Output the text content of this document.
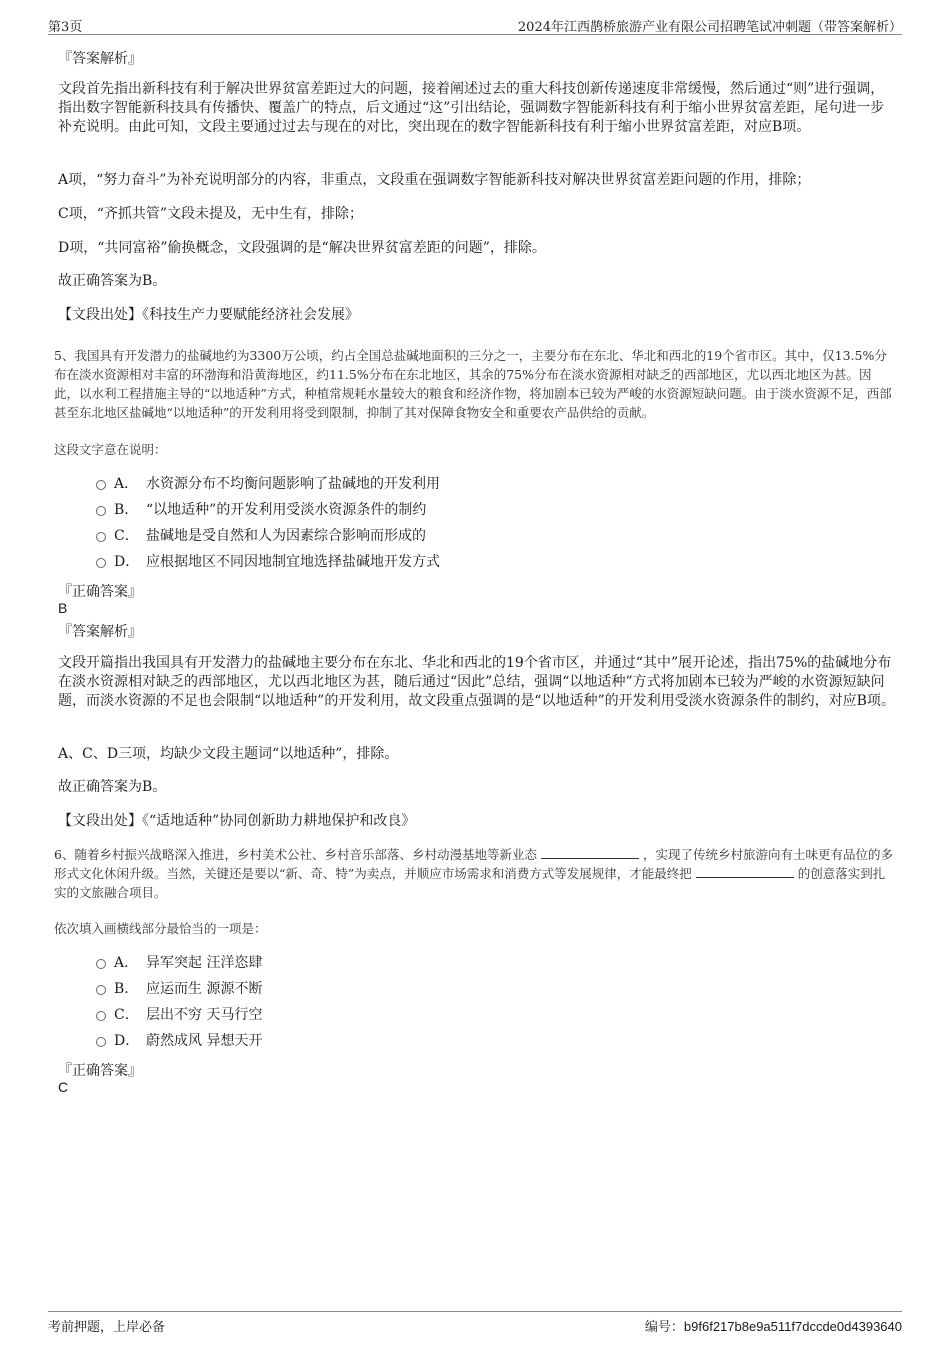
第3页	2024年江西鹊桥旅游产业有限公司招聘笔试冲刺题（带答案解析）
『答案解析』
文段首先指出新科技有利于解决世界贫富差距过大的问题，接着阐述过去的重大科技创新传递速度非常缓慢，然后通过“则”进行强调，指出数字智能新科技具有传播快、覆盖广的特点，后文通过“这”引出结论，强调数字智能新科技有利于缩小世界贫富差距，尾句进一步补充说明。由此可知，文段主要通过过去与现在的对比，突出现在的数字智能新科技有利于缩小世界贫富差距，对应B项。
A项，“努力奋斗”为补充说明部分的内容，非重点，文段重在强调数字智能新科技对解决世界贫富差距问题的作用，排除；
C项，“齐抓共管”文段未提及，无中生有，排除；
D项，“共同富裕”偷换概念，文段强调的是“解决世界贫富差距的问题”，排除。
故正确答案为B。
【文段出处】《科技生产力要赋能经济社会发展》
5、我国具有开发潜力的盐碱地约为3300万公顷，约占全国总盐碱地面积的三分之一，主要分布在东北、华北和西北的19个省市区。其中，仅13.5%分布在淡水资源相对丰富的环渤海和沿黄海地区，约11.5%分布在东北地区，其余的75%分布在淡水资源相对缺乏的西部地区，尤以西北地区为甚。因此，以水利工程措施主导的“以地适种”方式，种植常规耗水量较大的粮食和经济作物，将加剧本已较为严峻的水资源短缺问题。由于淡水资源不足，西部甚至东北地区盐碱地“以地适种”的开发利用将受到限制，抑制了其对保障食物安全和重要农产品供给的贡献。
这段文字意在说明：
A． 水资源分布不均衡问题影响了盐碱地的开发利用
B． “以地适种”的开发利用受淡水资源条件的制约
C． 盐碱地是受自然和人为因素综合影响而形成的
D． 应根据地区不同因地制宜地选择盐碱地开发方式
『正确答案』
B
『答案解析』
文段开篇指出我国具有开发潜力的盐碱地主要分布在东北、华北和西北的19个省市区，并通过“其中”展开论述，指出75%的盐碱地分布在淡水资源相对缺乏的西部地区，尤以西北地区为甚，随后通过“因此”总结，强调“以地适种”方式将加剧本已较为严峻的水资源短缺问题，而淡水资源的不足也会限制“以地适种”的开发利用，故文段重点强调的是“以地适种”的开发利用受淡水资源条件的制约，对应B项。
A、C、D三项，均缺少文段主题词“以地适种”，排除。
故正确答案为B。
【文段出处】《“适地适种”协同创新助力耕地保护和改良》
6、随着乡村振兴战略深入推进，乡村美术公社、乡村音乐部落、乡村动漫基地等新业态	，实现了传统乡村旅游向有土味更有品位的多形式文化休闲升级。当然，关键还是要以“新、奇、特”为卖点，并顺应市场需求和消费方式等发展规律，才能最终把	的创意落实到扎实的文旅融合项目。
依次填入画横线部分最恰当的一项是：
A． 异军突起 汪洋恣肆
B． 应运而生 源源不断
C． 层出不穷 天马行空
D． 蔚然成风 异想天开
『正确答案』
C
考前押题，上岸必备	编号：b9f6f217b8e9a511f7dccde0d4393640
